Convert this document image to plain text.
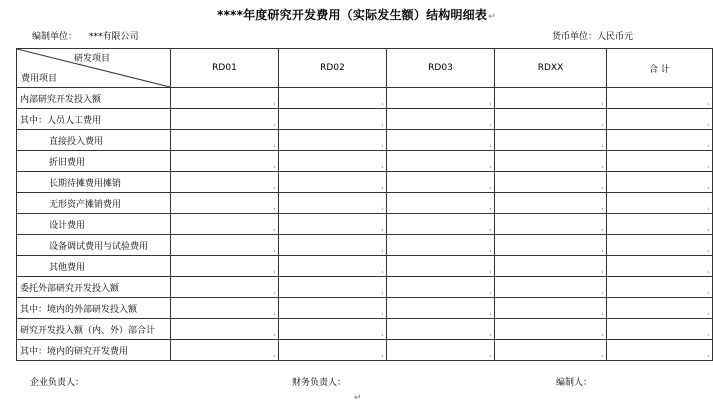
****年度研究开发费用（实际发生额）结构明细表↵
编制单位： ***有限公司	货币单位：人民币元
研发项目
费用项目	RD01	RD02	RD03	RDXX	合 计
内部研究开发投入额	⸤	⸤	⸤	⸤	⸤

其中：人员人工费用	⸤	⸤	⸤	⸤	⸤

直接投入费用	⸤	⸤	⸤	⸤	⸤

折旧费用	⸤	⸤	⸤	⸤	⸤

长期待摊费用摊销	⸤	⸤	⸤	⸤	⸤

无形资产摊销费用	⸤	⸤	⸤	⸤	⸤

设计费用	⸤	⸤	⸤	⸤	⸤

设备调试费用与试验费用	⸤	⸤	⸤	⸤	⸤

其他费用	⸤	⸤	⸤	⸤	⸤

委托外部研究开发投入额	⸤	⸤	⸤	⸤	⸤

其中：境内的外部研发投入额	⸤	⸤	⸤	⸤	⸤

研究开发投入额（内、外）部合计	⸤	⸤	⸤	⸤	⸤

其中：境内的研究开发费用	⸤	⸤	⸤	⸤	⸤
企业负责人：	财务负责人：	编制人：
↵
